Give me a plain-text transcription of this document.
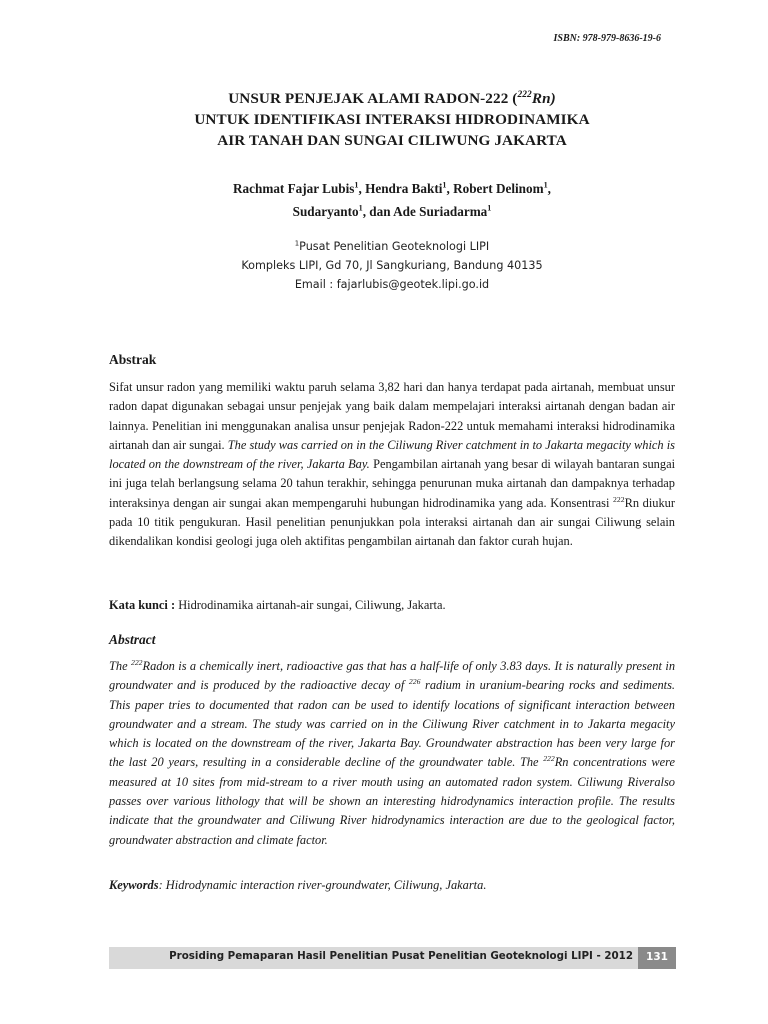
ISBN: 978-979-8636-19-6
UNSUR PENJEJAK ALAMI RADON-222 ($^{222}$Rn)
UNTUK IDENTIFIKASI INTERAKSI HIDRODINAMIKA
AIR TANAH DAN SUNGAI CILIWUNG JAKARTA
Rachmat Fajar Lubis$^1$, Hendra Bakti$^1$, Robert Delinom$^1$,
Sudaryanto$^1$, dan Ade Suriadarma$^1$
$^1$Pusat Penelitian Geoteknologi LIPI
Kompleks LIPI, Gd 70, Jl Sangkuriang, Bandung 40135
Email : fajarlubis@geotek.lipi.go.id
Abstrak
Sifat unsur radon yang memiliki waktu paruh selama 3,82 hari dan hanya terdapat pada airtanah, membuat unsur radon dapat digunakan sebagai unsur penjejak yang baik dalam mempelajari interaksi airtanah dengan badan air lainnya. Penelitian ini menggunakan analisa unsur penjejak Radon-222 untuk memahami interaksi hidrodinamika airtanah dan air sungai. The study was carried on in the Ciliwung River catchment in to Jakarta megacity which is located on the downstream of the river, Jakarta Bay. Pengambilan airtanah yang besar di wilayah bantaran sungai ini juga telah berlangsung selama 20 tahun terakhir, sehingga penurunan muka airtanah dan dampaknya terhadap interaksinya dengan air sungai akan mempengaruhi hubungan hidrodinamika yang ada. Konsentrasi $^{222}$Rn diukur pada 10 titik pengukuran. Hasil penelitian penunjukkan pola interaksi airtanah dan air sungai Ciliwung selain dikendalikan kondisi geologi juga oleh aktifitas pengambilan airtanah dan faktor curah hujan.
Kata kunci : Hidrodinamika airtanah-air sungai, Ciliwung, Jakarta.
Abstract
The $^{222}$Radon is a chemically inert, radioactive gas that has a half-life of only 3.83 days. It is naturally present in groundwater and is produced by the radioactive decay of $^{226}$ radium in uranium-bearing rocks and sediments. This paper tries to documented that radon can be used to identify locations of significant interaction between groundwater and a stream. The study was carried on in the Ciliwung River catchment in to Jakarta megacity which is located on the downstream of the river, Jakarta Bay. Groundwater abstraction has been very large for the last 20 years, resulting in a considerable decline of the groundwater table. The $^{222}$Rn concentrations were measured at 10 sites from mid-stream to a river mouth using an automated radon system. Ciliwung Riveralso passes over various lithology that will be shown an interesting hidrodynamics interaction profile. The results indicate that the groundwater and Ciliwung River hidrodynamics interaction are due to the geological factor, groundwater abstraction and climate factor.
Keywords: Hidrodynamic interaction river-groundwater, Ciliwung, Jakarta.
Prosiding Pemaparan Hasil Penelitian Pusat Penelitian Geoteknologi LIPI - 2012	131
